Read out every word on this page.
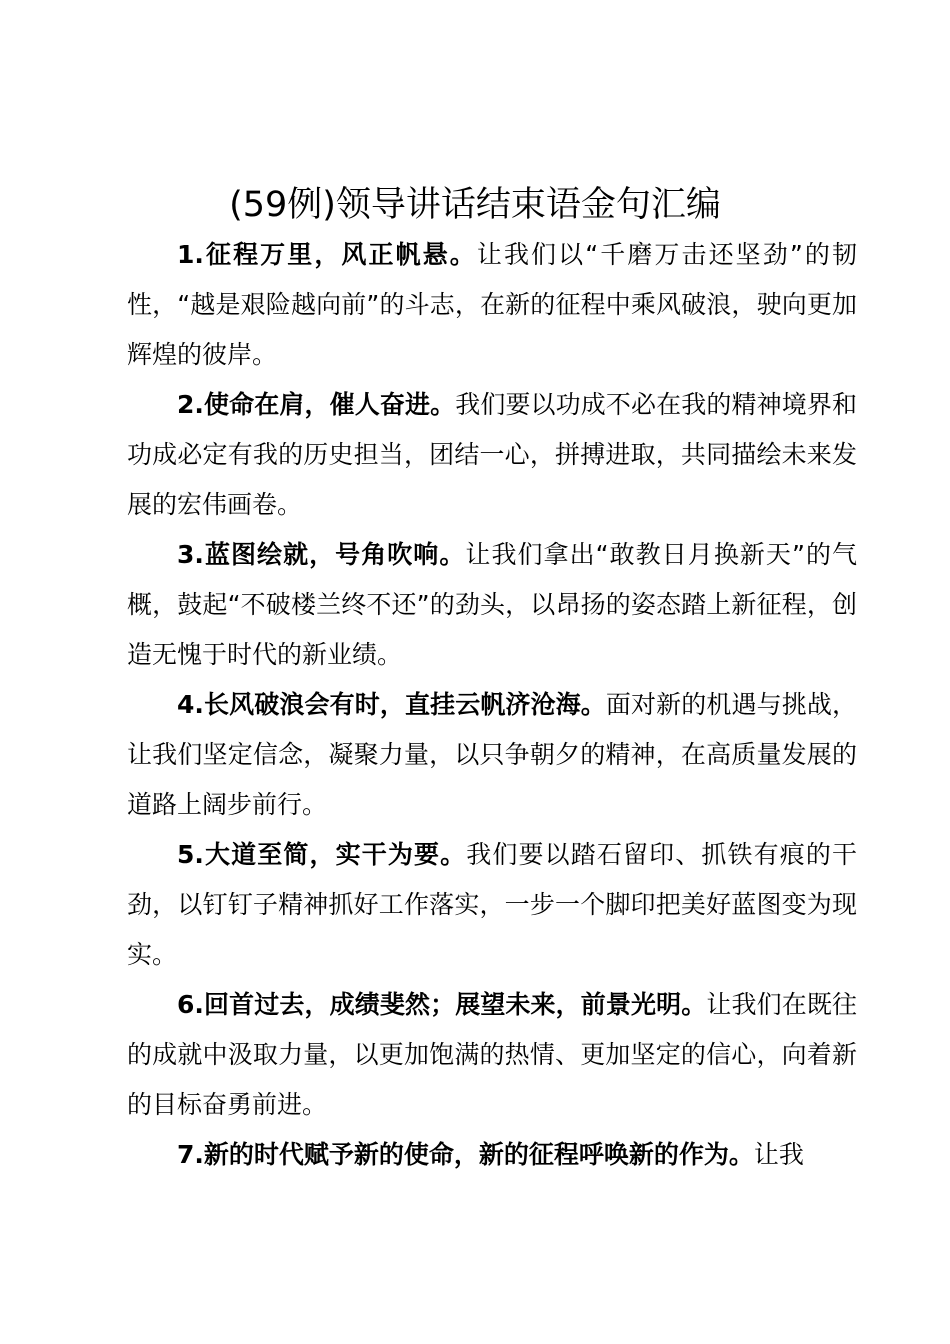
(59例)领导讲话结束语金句汇编

1.征程万里，风正帆悬。让我们以“千磨万击还坚劲”的韧性，“越是艰险越向前”的斗志，在新的征程中乘风破浪，驶向更加辉煌的彼岸。

2.使命在肩，催人奋进。我们要以功成不必在我的精神境界和功成必定有我的历史担当，团结一心，拼搏进取，共同描绘未来发展的宏伟画卷。

3.蓝图绘就，号角吹响。让我们拿出“敢教日月换新天”的气概，鼓起“不破楼兰终不还”的劲头，以昂扬的姿态踏上新征程，创造无愧于时代的新业绩。

4.长风破浪会有时，直挂云帆济沧海。面对新的机遇与挑战，让我们坚定信念，凝聚力量，以只争朝夕的精神，在高质量发展的道路上阔步前行。

5.大道至简，实干为要。我们要以踏石留印、抓铁有痕的干劲，以钉钉子精神抓好工作落实，一步一个脚印把美好蓝图变为现实。

6.回首过去，成绩斐然；展望未来，前景光明。让我们在既往的成就中汲取力量，以更加饱满的热情、更加坚定的信心，向着新的目标奋勇前进。

7.新的时代赋予新的使命，新的征程呼唤新的作为。让我
